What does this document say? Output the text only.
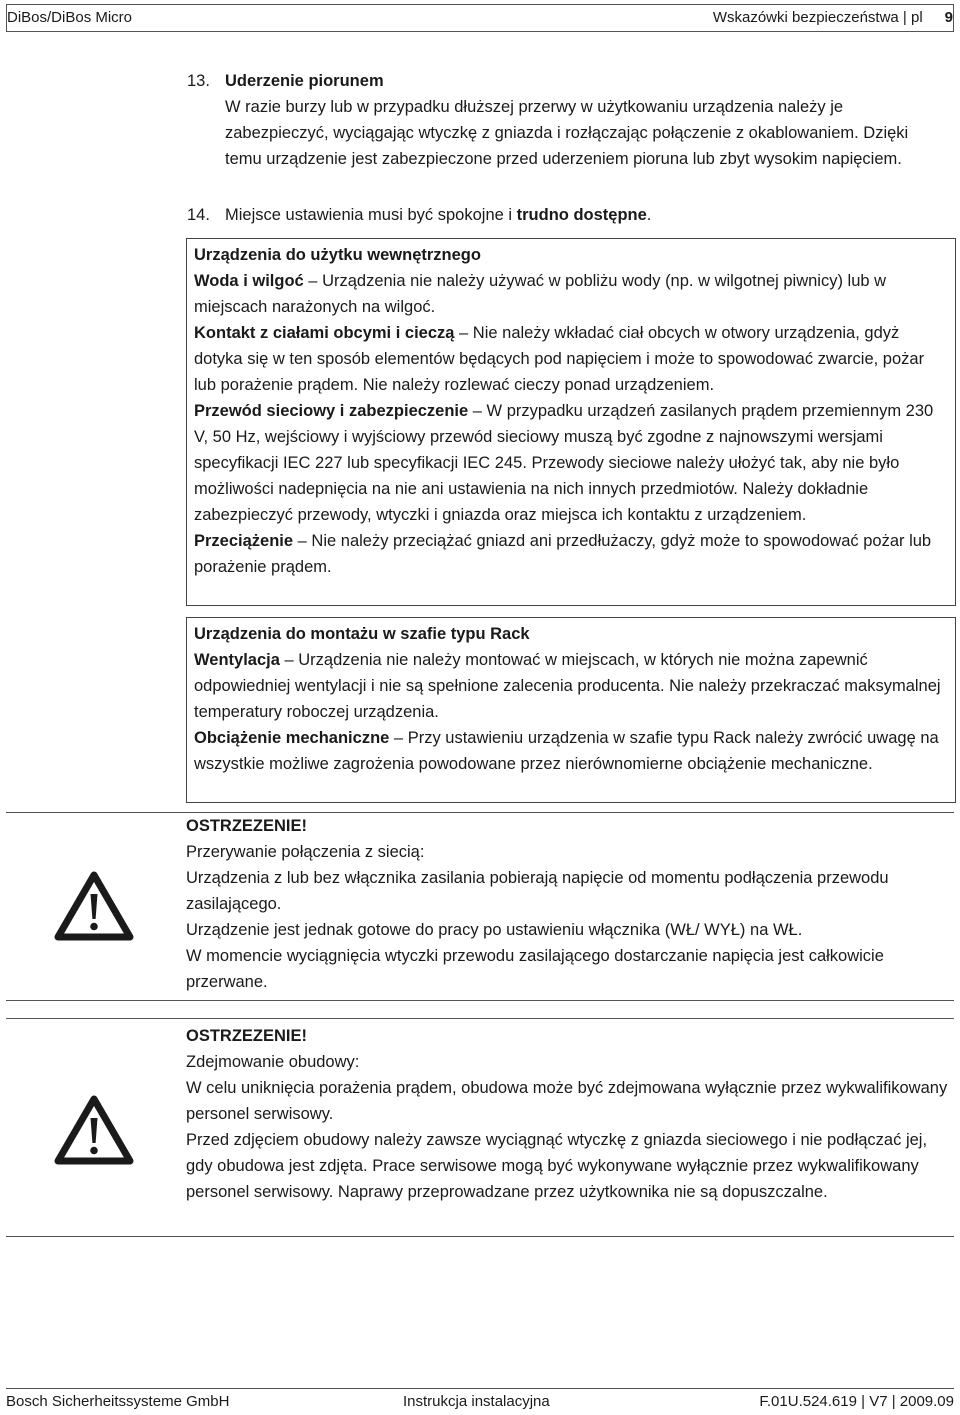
DiBos/DiBos Micro	Wskazówki bezpieczeństwa | pl 9
13. Uderzenie piorunem
W razie burzy lub w przypadku dłuższej przerwy w użytkowaniu urządzenia należy je zabezpieczyć, wyciągając wtyczkę z gniazda i rozłączając połączenie z okablowaniem. Dzięki temu urządzenie jest zabezpieczone przed uderzeniem pioruna lub zbyt wysokim napięciem.
14. Miejsce ustawienia musi być spokojne i trudno dostępne.

Urządzenia do użytku wewnętrznego

Woda i wilgoć – Urządzenia nie należy używać w pobliżu wody (np. w wilgotnej piwnicy) lub w miejscach narażonych na wilgoć.

Kontakt z ciałami obcymi i cieczą – Nie należy wkładać ciał obcych w otwory urządzenia, gdyż dotyka się w ten sposób elementów będących pod napięciem i może to spowodować zwarcie, pożar lub porażenie prądem. Nie należy rozlewać cieczy ponad urządzeniem.

Przewód sieciowy i zabezpieczenie – W przypadku urządzeń zasilanych prądem przemiennym 230 V, 50 Hz, wejściowy i wyjściowy przewód sieciowy muszą być zgodne z najnowszymi wersjami specyfikacji IEC 227 lub specyfikacji IEC 245. Przewody sieciowe należy ułożyć tak, aby nie było możliwości nadepnięcia na nie ani ustawienia na nich innych przedmiotów. Należy dokładnie zabezpieczyć przewody, wtyczki i gniazda oraz miejsca ich kontaktu z urządzeniem.

Przeciążenie – Nie należy przeciążać gniazd ani przedłużaczy, gdyż może to spowodować pożar lub porażenie prądem.

Urządzenia do montażu w szafie typu Rack

Wentylacja – Urządzenia nie należy montować w miejscach, w których nie można zapewnić odpowiedniej wentylacji i nie są spełnione zalecenia producenta. Nie należy przekraczać maksymalnej temperatury roboczej urządzenia.

Obciążenie mechaniczne – Przy ustawieniu urządzenia w szafie typu Rack należy zwrócić uwagę na wszystkie możliwe zagrożenia powodowane przez nierównomierne obciążenie mechaniczne.

OSTRZEZENIE!

Przerywanie połączenia z siecią:

Urządzenia z lub bez włącznika zasilania pobierają napięcie od momentu podłączenia przewodu zasilającego.

Urządzenie jest jednak gotowe do pracy po ustawieniu włącznika (WŁ/ WYŁ) na WŁ.

W momencie wyciągnięcia wtyczki przewodu zasilającego dostarczanie napięcia jest całkowicie przerwane.

OSTRZEZENIE!

Zdejmowanie obudowy:

W celu uniknięcia porażenia prądem, obudowa może być zdejmowana wyłącznie przez wykwalifikowany personel serwisowy.

Przed zdjęciem obudowy należy zawsze wyciągnąć wtyczkę z gniazda sieciowego i nie podłączać jej, gdy obudowa jest zdjęta. Prace serwisowe mogą być wykonywane wyłącznie przez wykwalifikowany personel serwisowy. Naprawy przeprowadzane przez użytkownika nie są dopuszczalne.

Bosch Sicherheitssysteme GmbH	Instrukcja instalacyjna	F.01U.524.619 | V7 | 2009.09
